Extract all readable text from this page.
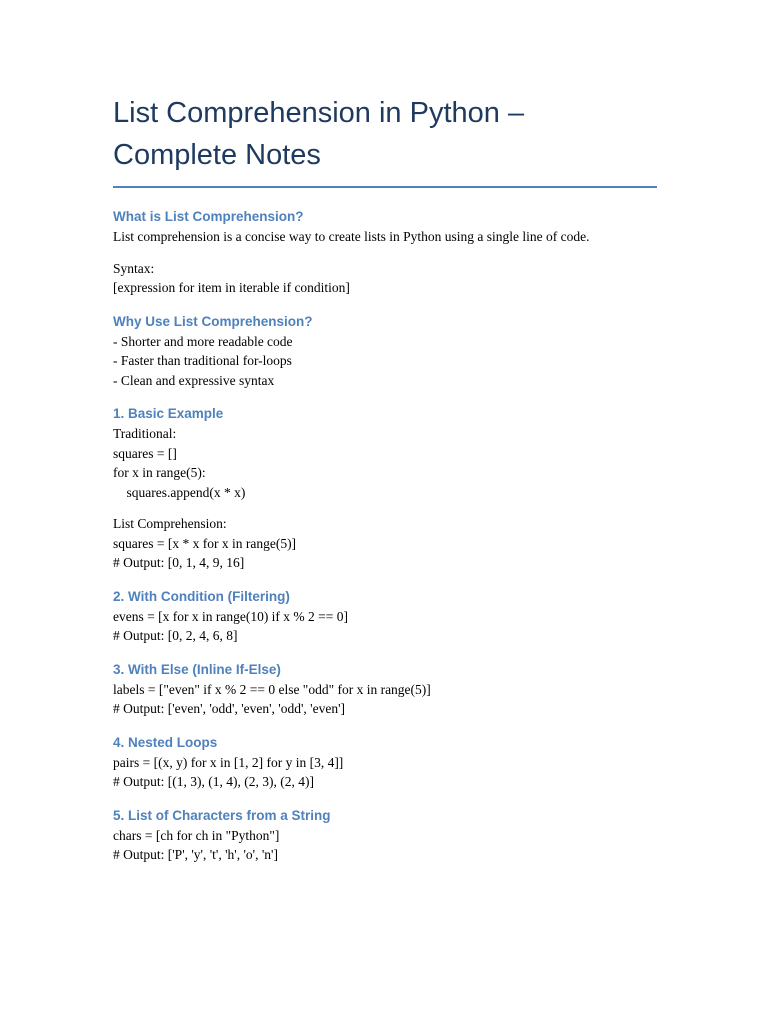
List Comprehension in Python –
Complete Notes
What is List Comprehension?
List comprehension is a concise way to create lists in Python using a single line of code.
Syntax:
[expression for item in iterable if condition]
Why Use List Comprehension?
- Shorter and more readable code
- Faster than traditional for-loops
- Clean and expressive syntax
1. Basic Example
Traditional:
squares = []
for x in range(5):
squares.append(x * x)
List Comprehension:
squares = [x * x for x in range(5)]
# Output: [0, 1, 4, 9, 16]
2. With Condition (Filtering)
evens = [x for x in range(10) if x % 2 == 0]
# Output: [0, 2, 4, 6, 8]
3. With Else (Inline If-Else)
labels = ["even" if x % 2 == 0 else "odd" for x in range(5)]
# Output: ['even', 'odd', 'even', 'odd', 'even']
4. Nested Loops
pairs = [(x, y) for x in [1, 2] for y in [3, 4]]
# Output: [(1, 3), (1, 4), (2, 3), (2, 4)]
5. List of Characters from a String
chars = [ch for ch in "Python"]
# Output: ['P', 'y', 't', 'h', 'o', 'n']
